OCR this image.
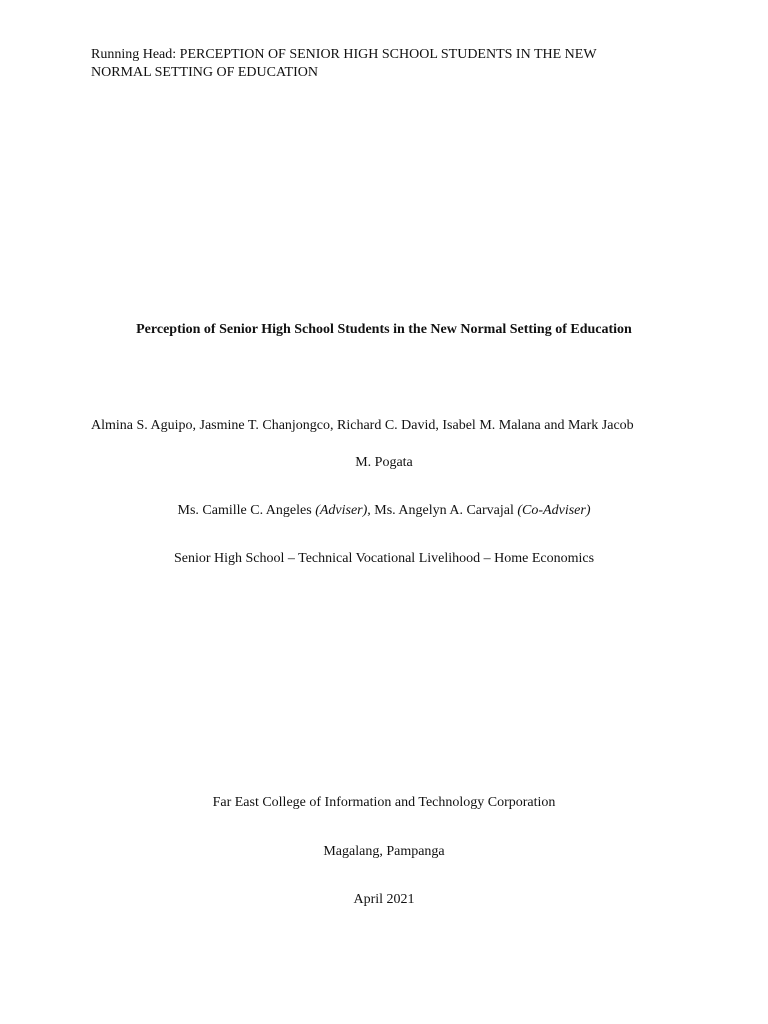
Running Head: PERCEPTION OF SENIOR HIGH SCHOOL STUDENTS IN THE NEW
NORMAL SETTING OF EDUCATION
Perception of Senior High School Students in the New Normal Setting of Education
Almina S. Aguipo, Jasmine T. Chanjongco, Richard C. David, Isabel M. Malana and Mark Jacob
M. Pogata
Ms. Camille C. Angeles (Adviser), Ms. Angelyn A. Carvajal (Co-Adviser)
Senior High School – Technical Vocational Livelihood – Home Economics
Far East College of Information and Technology Corporation
Magalang, Pampanga
April 2021
